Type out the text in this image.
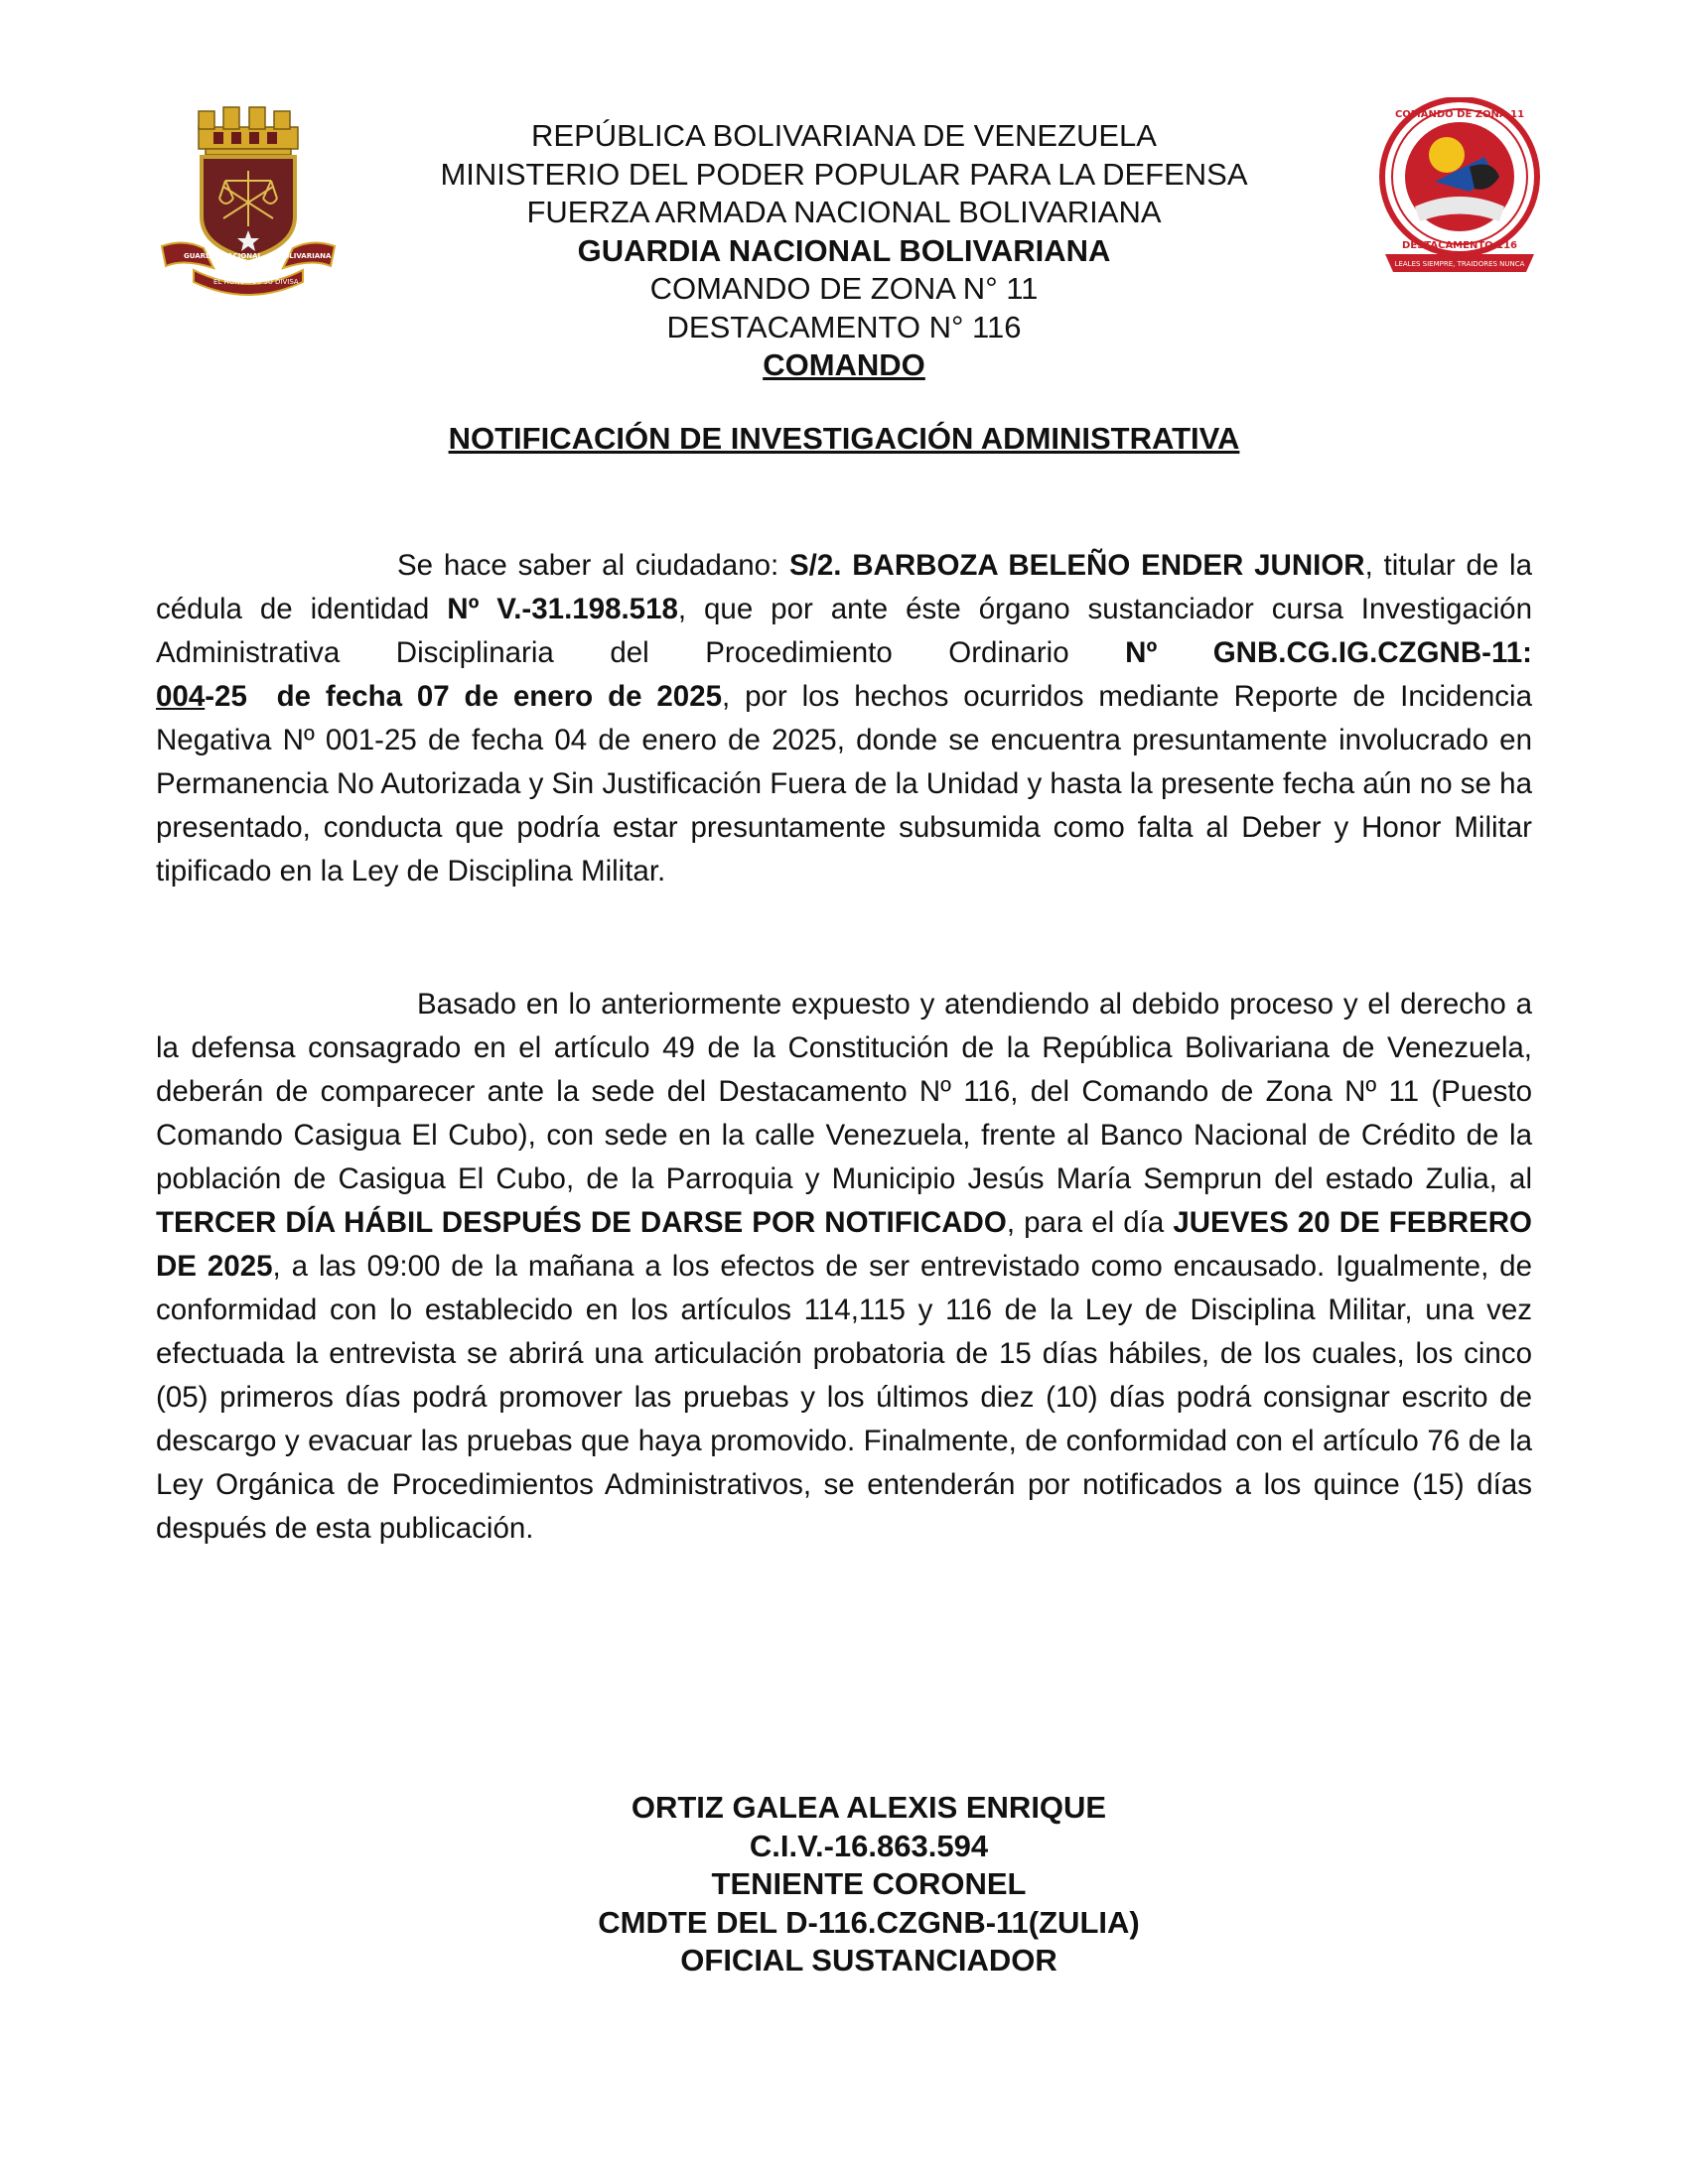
GUARDIA NACIONAL BOLIVARIANA
EL HONOR ES SU DIVISA
COMANDO DE ZONA 11
DESTACAMENTO 116
LEALES SIEMPRE, TRAIDORES NUNCA
REPÚBLICA BOLIVARIANA DE VENEZUELA
MINISTERIO DEL PODER POPULAR PARA LA DEFENSA
FUERZA ARMADA NACIONAL BOLIVARIANA
GUARDIA NACIONAL BOLIVARIANA
COMANDO DE ZONA N° 11
DESTACAMENTO N° 116
COMANDO
NOTIFICACIÓN DE INVESTIGACIÓN ADMINISTRATIVA
Se hace saber al ciudadano: S/2. BARBOZA BELEÑO ENDER JUNIOR, titular de la cédula de identidad Nº V.-31.198.518, que por ante éste órgano sustanciador cursa Investigación Administrativa Disciplinaria del Procedimiento Ordinario Nº GNB.CG.IG.CZGNB-11: 004-25  de fecha 07 de enero de 2025, por los hechos ocurridos mediante Reporte de Incidencia Negativa Nº 001-25 de fecha 04 de enero de 2025, donde se encuentra presuntamente involucrado en Permanencia No Autorizada y Sin Justificación Fuera de la Unidad y hasta la presente fecha aún no se ha presentado, conducta que podría estar presuntamente subsumida como falta al Deber y Honor Militar tipificado en la Ley de Disciplina Militar.
Basado en lo anteriormente expuesto y atendiendo al debido proceso y el derecho a la defensa consagrado en el artículo 49 de la Constitución de la República Bolivariana de Venezuela, deberán de comparecer ante la sede del Destacamento Nº 116, del Comando de Zona Nº 11 (Puesto Comando Casigua El Cubo), con sede en la calle Venezuela, frente al Banco Nacional de Crédito de la población de Casigua El Cubo, de la Parroquia y Municipio Jesús María Semprun del estado Zulia, al TERCER DÍA HÁBIL DESPUÉS DE DARSE POR NOTIFICADO, para el día JUEVES 20 DE FEBRERO DE 2025, a las 09:00 de la mañana a los efectos de ser entrevistado como encausado. Igualmente, de conformidad con lo establecido en los artículos 114,115 y 116 de la Ley de Disciplina Militar, una vez efectuada la entrevista se abrirá una articulación probatoria de 15 días hábiles, de los cuales, los cinco (05) primeros días podrá promover las pruebas y los últimos diez (10) días podrá consignar escrito de descargo y evacuar las pruebas que haya promovido. Finalmente, de conformidad con el artículo 76 de la Ley Orgánica de Procedimientos Administrativos, se entenderán por notificados a los quince (15) días después de esta publicación.
ORTIZ GALEA ALEXIS ENRIQUE
C.I.V.-16.863.594
TENIENTE CORONEL
CMDTE DEL D-116.CZGNB-11(ZULIA)
OFICIAL SUSTANCIADOR
